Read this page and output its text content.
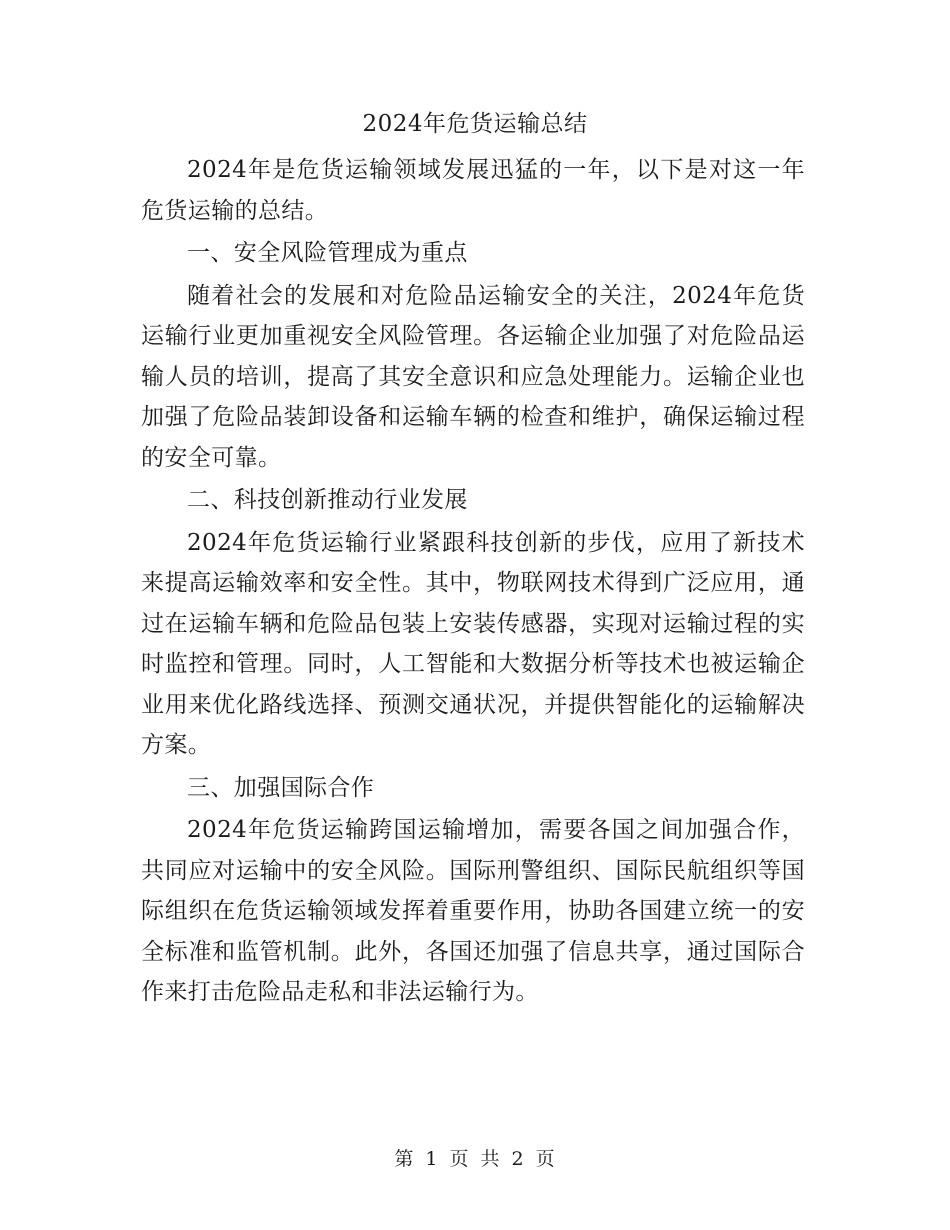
2024年危货运输总结

2024年是危货运输领域发展迅猛的一年，以下是对这一年危货运输的总结。

一、安全风险管理成为重点

随着社会的发展和对危险品运输安全的关注，2024年危货运输行业更加重视安全风险管理。各运输企业加强了对危险品运输人员的培训，提高了其安全意识和应急处理能力。运输企业也加强了危险品装卸设备和运输车辆的检查和维护，确保运输过程的安全可靠。

二、科技创新推动行业发展

2024年危货运输行业紧跟科技创新的步伐，应用了新技术来提高运输效率和安全性。其中，物联网技术得到广泛应用，通过在运输车辆和危险品包装上安装传感器，实现对运输过程的实时监控和管理。同时，人工智能和大数据分析等技术也被运输企业用来优化路线选择、预测交通状况，并提供智能化的运输解决方案。

三、加强国际合作

2024年危货运输跨国运输增加，需要各国之间加强合作，共同应对运输中的安全风险。国际刑警组织、国际民航组织等国际组织在危货运输领域发挥着重要作用，协助各国建立统一的安全标准和监管机制。此外，各国还加强了信息共享，通过国际合作来打击危险品走私和非法运输行为。

第 1 页 共 2 页
